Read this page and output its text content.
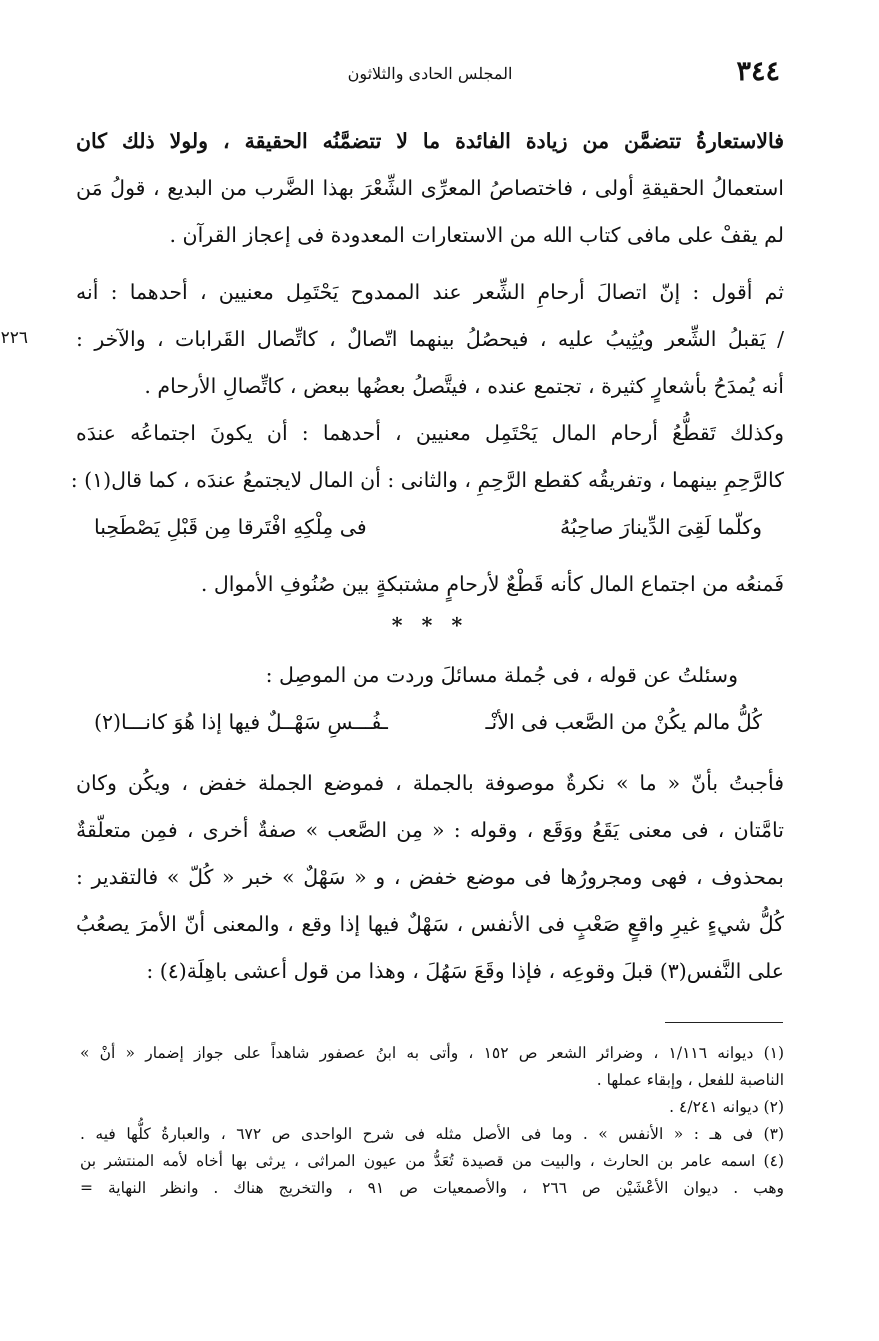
٣٤٤
المجلس الحادى والثلاثون
٢٢٦
فالاستعارةُ تتضمَّن من زيادة الفائدة ما لا تتضمَّنُه الحقيقة ، ولولا ذلك كان
استعمالُ الحقيقةِ أولى ، فاختصاصُ المعرِّى الشِّعْرَ بهذا الضَّرب من البديع ، قولُ مَن
لم يقفْ على مافى كتاب الله من الاستعارات المعدودة فى إعجاز القرآن .
ثم أقول : إنّ اتصالَ أرحامِ الشِّعر عند الممدوح يَحْتَمِل معنيين ، أحدهما : أنه
/ يَقبلُ الشِّعر ويُثِيبُ عليه ، فيحصُلُ بينهما اتّصالٌ ، كاتِّصال القَرابات ، والآخر :
أنه يُمدَحُ بأشعارٍ كثيرة ، تجتمع عنده ، فيتَّصلُ بعضُها ببعض ، كاتِّصالِ الأرحام .
وكذلك تَقطُّعُ أرحام المال يَحْتَمِل معنيين ، أحدهما : أن يكونَ اجتماعُه عندَه
كالرَّحِمِ بينهما ، وتفريقُه كقطع الرَّحِمِ ، والثانى : أن المال لايجتمعُ عندَه ، كما قال(١) :
وكلّما لَقِىَ الدِّينارَ صاحِبُهُ
فى مِلْكِهِ افْتَرقا مِن قَبْلِ يَصْطَحِبا
فَمنعُه من اجتماع المال كأنه قَطْعٌ لأرحامٍ مشتبكةٍ بين صُنُوفِ الأموال .
* * *
وسئلتُ عن قوله ، فى جُملة مسائلَ وردت من الموصِل :
كُلُّ مالم يكُنْ من الصَّعب فى الأنْـ
ـفُـــسِ سَهْــلٌ فيها إذا هُوَ كانـــا(٢)
فأجبتُ بأنّ « ما » نكرةٌ موصوفة بالجملة ، فموضع الجملة خفض ، ويكُن وكان
تامَّتان ، فى معنى يَقَعُ ووَقَع ، وقوله : « مِن الصَّعب » صفةٌ أخرى ، فمِن متعلّقةٌ
بمحذوف ، فهى ومجرورُها فى موضع خفض ، و « سَهْلٌ » خبر « كُلّ » فالتقدير :
كُلُّ شيءٍ غيرِ واقعٍ صَعْبٍ فى الأنفس ، سَهْلٌ فيها إذا وقع ، والمعنى أنّ الأمرَ يصعُبُ
على النَّفس(٣) قبلَ وقوعِه ، فإذا وقَعَ سَهُلَ ، وهذا من قول أعشى باهِلَة(٤) :
(١) ديوانه ١/١١٦ ، وضرائر الشعر ص ١٥٢ ، وأتى به ابنُ عصفور شاهداً على جواز إضمار « أنْ »
الناصبة للفعل ، وإبقاء عملها .
(٢) ديوانه ٤/٢٤١ .
(٣) فى هـ : « الأنفس » . وما فى الأصل مثله فى شرح الواحدى ص ٦٧٢ ، والعبارةُ كلُّها فيه .
(٤) اسمه عامر بن الحارث ، والبيت من قصيدة تُعَدُّ من عيون المراثى ، يرثى بها أخاه لأمه المنتشر بن
وهب . ديوان الأعْشَيْن ص ٢٦٦ ، والأصمعيات ص ٩١ ، والتخريج هناك . وانظر النهاية =
